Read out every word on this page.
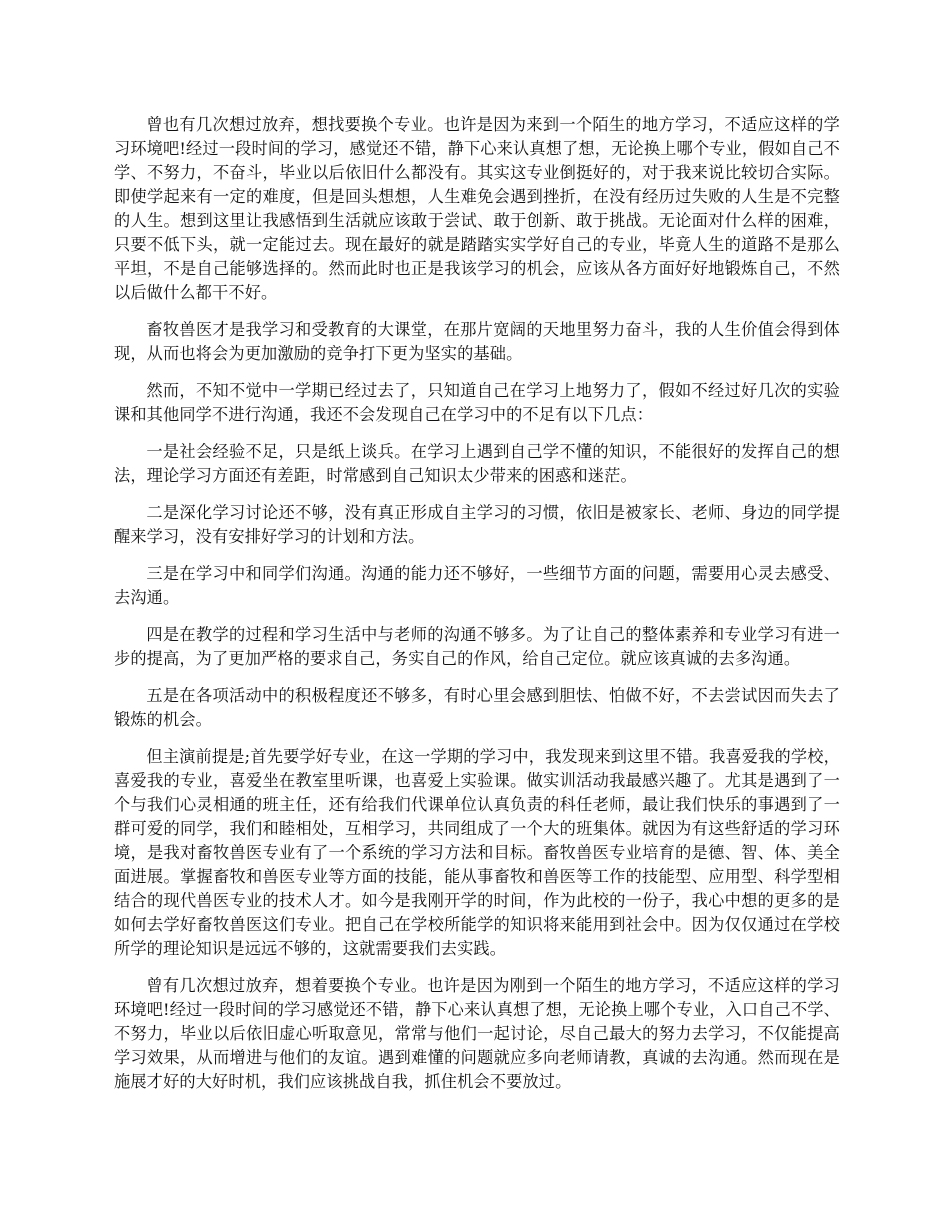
曾也有几次想过放弃，想找要换个专业。也许是因为来到一个陌生的地方学习，不适应这样的学习环境吧!经过一段时间的学习，感觉还不错，静下心来认真想了想，无论换上哪个专业，假如自己不学、不努力，不奋斗，毕业以后依旧什么都没有。其实这专业倒挺好的，对于我来说比较切合实际。即使学起来有一定的难度，但是回头想想，人生难免会遇到挫折，在没有经历过失败的人生是不完整的人生。想到这里让我感悟到生活就应该敢于尝试、敢于创新、敢于挑战。无论面对什么样的困难，只要不低下头，就一定能过去。现在最好的就是踏踏实实学好自己的专业，毕竟人生的道路不是那么平坦，不是自己能够选择的。然而此时也正是我该学习的机会，应该从各方面好好地锻炼自己，不然以后做什么都干不好。

畜牧兽医才是我学习和受教育的大课堂，在那片宽阔的天地里努力奋斗，我的人生价值会得到体现，从而也将会为更加激励的竞争打下更为坚实的基础。

然而，不知不觉中一学期已经过去了，只知道自己在学习上地努力了，假如不经过好几次的实验课和其他同学不进行沟通，我还不会发现自己在学习中的不足有以下几点：

一是社会经验不足，只是纸上谈兵。在学习上遇到自己学不懂的知识，不能很好的发挥自己的想法，理论学习方面还有差距，时常感到自己知识太少带来的困惑和迷茫。

二是深化学习讨论还不够，没有真正形成自主学习的习惯，依旧是被家长、老师、身边的同学提醒来学习，没有安排好学习的计划和方法。

三是在学习中和同学们沟通。沟通的能力还不够好，一些细节方面的问题，需要用心灵去感受、去沟通。

四是在教学的过程和学习生活中与老师的沟通不够多。为了让自己的整体素养和专业学习有进一步的提高，为了更加严格的要求自己，务实自己的作风，给自己定位。就应该真诚的去多沟通。

五是在各项活动中的积极程度还不够多，有时心里会感到胆怯、怕做不好，不去尝试因而失去了锻炼的机会。

但主演前提是;首先要学好专业，在这一学期的学习中，我发现来到这里不错。我喜爱我的学校，喜爱我的专业，喜爱坐在教室里听课，也喜爱上实验课。做实训活动我最感兴趣了。尤其是遇到了一个与我们心灵相通的班主任，还有给我们代课单位认真负责的科任老师，最让我们快乐的事遇到了一群可爱的同学，我们和睦相处，互相学习，共同组成了一个大的班集体。就因为有这些舒适的学习环境，是我对畜牧兽医专业有了一个系统的学习方法和目标。畜牧兽医专业培育的是德、智、体、美全面进展。掌握畜牧和兽医专业等方面的技能，能从事畜牧和兽医等工作的技能型、应用型、科学型相结合的现代兽医专业的技术人才。如今是我刚开学的时间，作为此校的一份子，我心中想的更多的是如何去学好畜牧兽医这们专业。把自己在学校所能学的知识将来能用到社会中。因为仅仅通过在学校所学的理论知识是远远不够的，这就需要我们去实践。

曾有几次想过放弃，想着要换个专业。也许是因为刚到一个陌生的地方学习，不适应这样的学习环境吧!经过一段时间的学习感觉还不错，静下心来认真想了想，无论换上哪个专业，入口自己不学、不努力，毕业以后依旧虚心听取意见，常常与他们一起讨论，尽自己最大的努力去学习，不仅能提高学习效果，从而增进与他们的友谊。遇到难懂的问题就应多向老师请教，真诚的去沟通。然而现在是施展才好的大好时机，我们应该挑战自我，抓住机会不要放过。
